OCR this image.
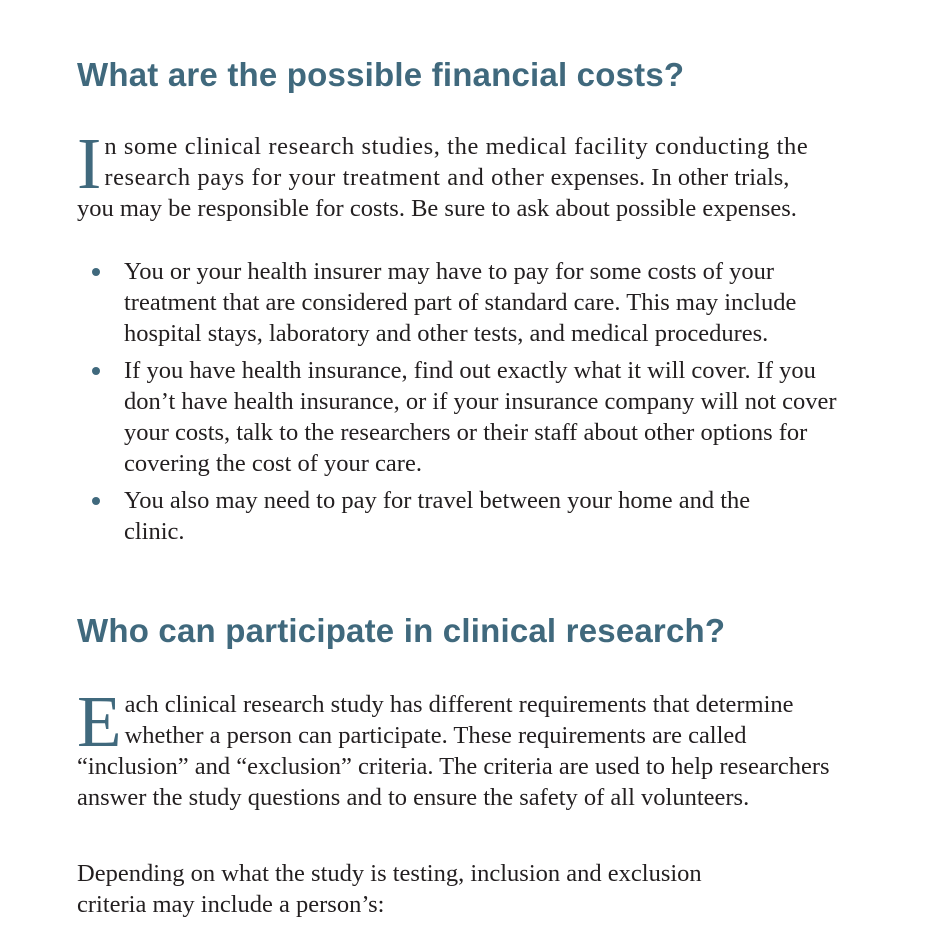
What are the possible financial costs?
I n some clinical research studies, the medical facility conducting the research pays for your treatment and other expenses. In other trials, you may be responsible for costs. Be sure to ask about possible expenses.
You or your health insurer may have to pay for some costs of your treatment that are considered part of standard care. This may include hospital stays, laboratory and other tests, and medical procedures.
If you have health insurance, find out exactly what it will cover. If you don’t have health insurance, or if your insurance company will not cover your costs, talk to the researchers or their staff about other options for covering the cost of your care.
You also may need to pay for travel between your home and the clinic.
Who can participate in clinical research?
E ach clinical research study has different requirements that determine whether a person can participate. These requirements are called “inclusion” and “exclusion” criteria. The criteria are used to help researchers answer the study questions and to ensure the safety of all volunteers.
Depending on what the study is testing, inclusion and exclusion criteria may include a person’s:
